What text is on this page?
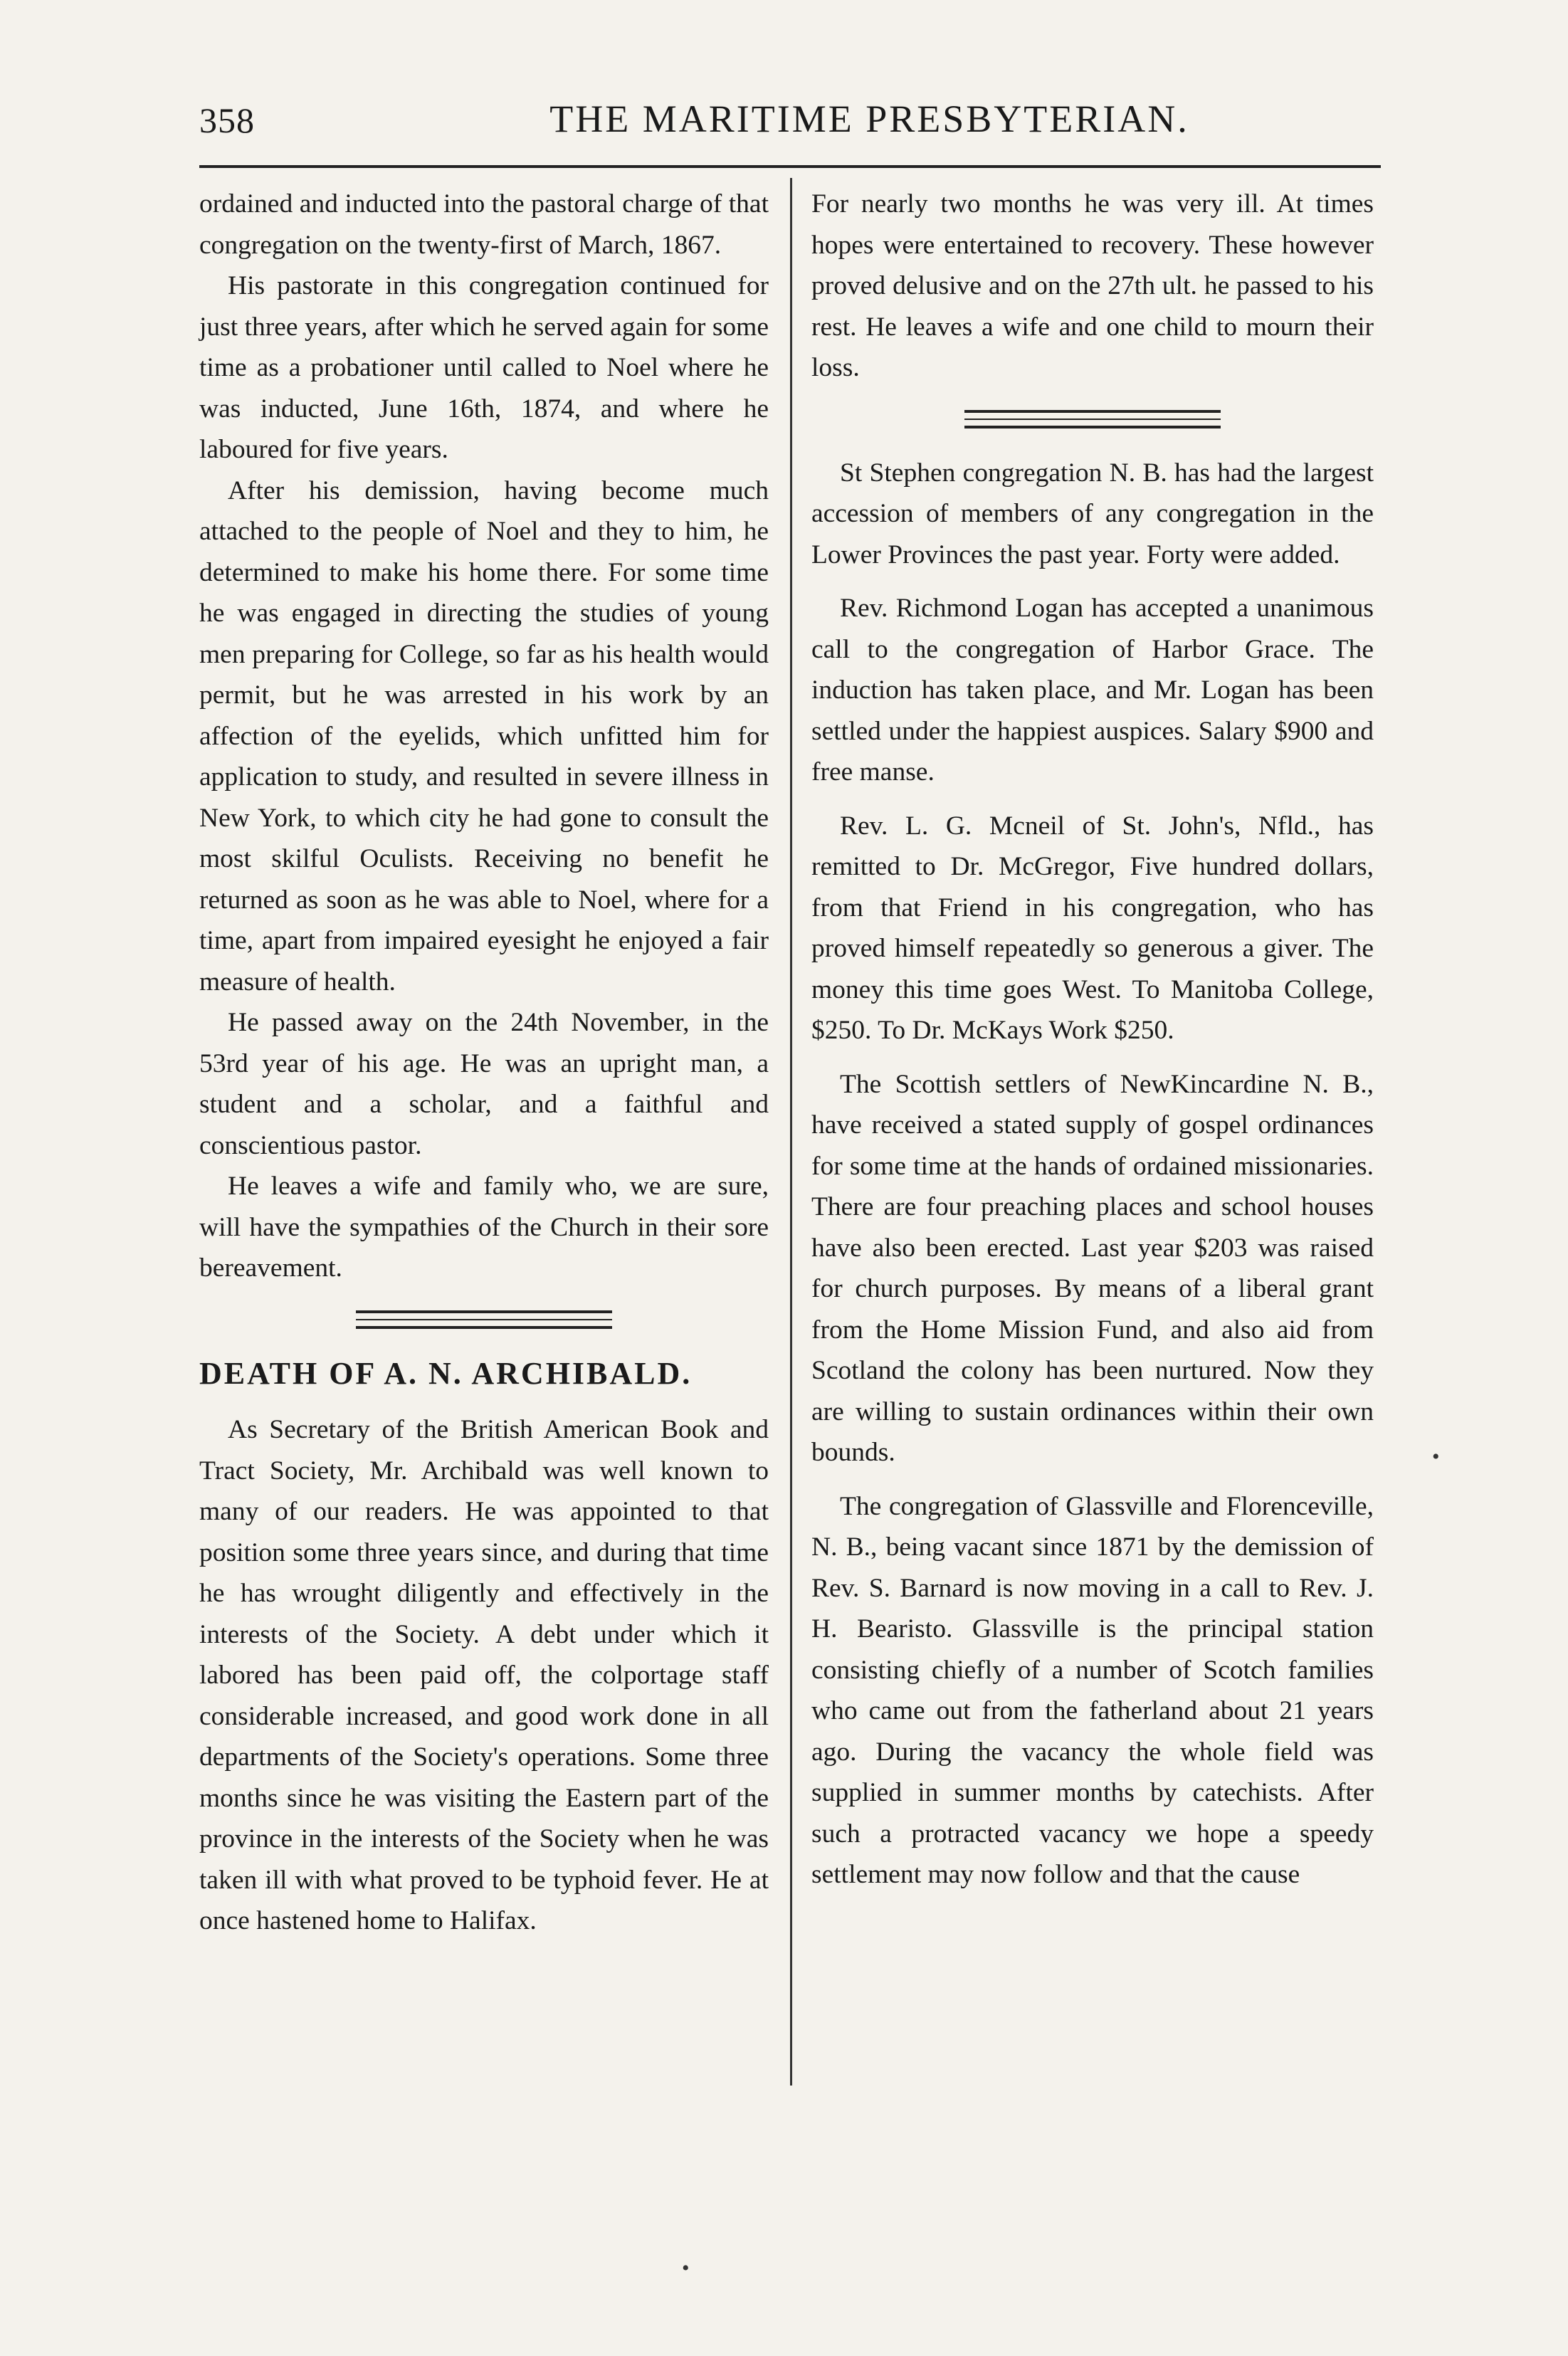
358	THE MARITIME PRESBYTERIAN.

ordained and inducted into the pastoral charge of that congregation on the twenty-first of March, 1867.

His pastorate in this congregation continued for just three years, after which he served again for some time as a probationer until called to Noel where he was inducted, June 16th, 1874, and where he laboured for five years.

After his demission, having become much attached to the people of Noel and they to him, he determined to make his home there. For some time he was engaged in directing the studies of young men preparing for College, so far as his health would permit, but he was arrested in his work by an affection of the eyelids, which unfitted him for application to study, and resulted in severe illness in New York, to which city he had gone to consult the most skilful Oculists. Receiving no benefit he returned as soon as he was able to Noel, where for a time, apart from impaired eyesight he enjoyed a fair measure of health.

He passed away on the 24th November, in the 53rd year of his age. He was an upright man, a student and a scholar, and a faithful and conscientious pastor.

He leaves a wife and family who, we are sure, will have the sympathies of the Church in their sore bereavement.

DEATH OF A. N. ARCHIBALD.

As Secretary of the British American Book and Tract Society, Mr. Archibald was well known to many of our readers. He was appointed to that position some three years since, and during that time he has wrought diligently and effectively in the interests of the Society. A debt under which it labored has been paid off, the colportage staff considerable increased, and good work done in all departments of the Society's operations. Some three months since he was visiting the Eastern part of the province in the interests of the Society when he was taken ill with what proved to be typhoid fever. He at once hastened home to Halifax.

For nearly two months he was very ill. At times hopes were entertained to recovery. These however proved delusive and on the 27th ult. he passed to his rest. He leaves a wife and one child to mourn their loss.

St Stephen congregation N. B. has had the largest accession of members of any congregation in the Lower Provinces the past year. Forty were added.

Rev. Richmond Logan has accepted a unanimous call to the congregation of Harbor Grace. The induction has taken place, and Mr. Logan has been settled under the happiest auspices. Salary $900 and free manse.

Rev. L. G. Mcneil of St. John's, Nfld., has remitted to Dr. McGregor, Five hundred dollars, from that Friend in his congregation, who has proved himself repeatedly so generous a giver. The money this time goes West. To Manitoba College, $250. To Dr. McKays Work $250.

The Scottish settlers of NewKincardine N. B., have received a stated supply of gospel ordinances for some time at the hands of ordained missionaries. There are four preaching places and school houses have also been erected. Last year $203 was raised for church purposes. By means of a liberal grant from the Home Mission Fund, and also aid from Scotland the colony has been nurtured. Now they are willing to sustain ordinances within their own bounds.

The congregation of Glassville and Florenceville, N. B., being vacant since 1871 by the demission of Rev. S. Barnard is now moving in a call to Rev. J. H. Bearisto. Glassville is the principal station consisting chiefly of a number of Scotch families who came out from the fatherland about 21 years ago. During the vacancy the whole field was supplied in summer months by catechists. After such a protracted vacancy we hope a speedy settlement may now follow and that the cause

•
•
